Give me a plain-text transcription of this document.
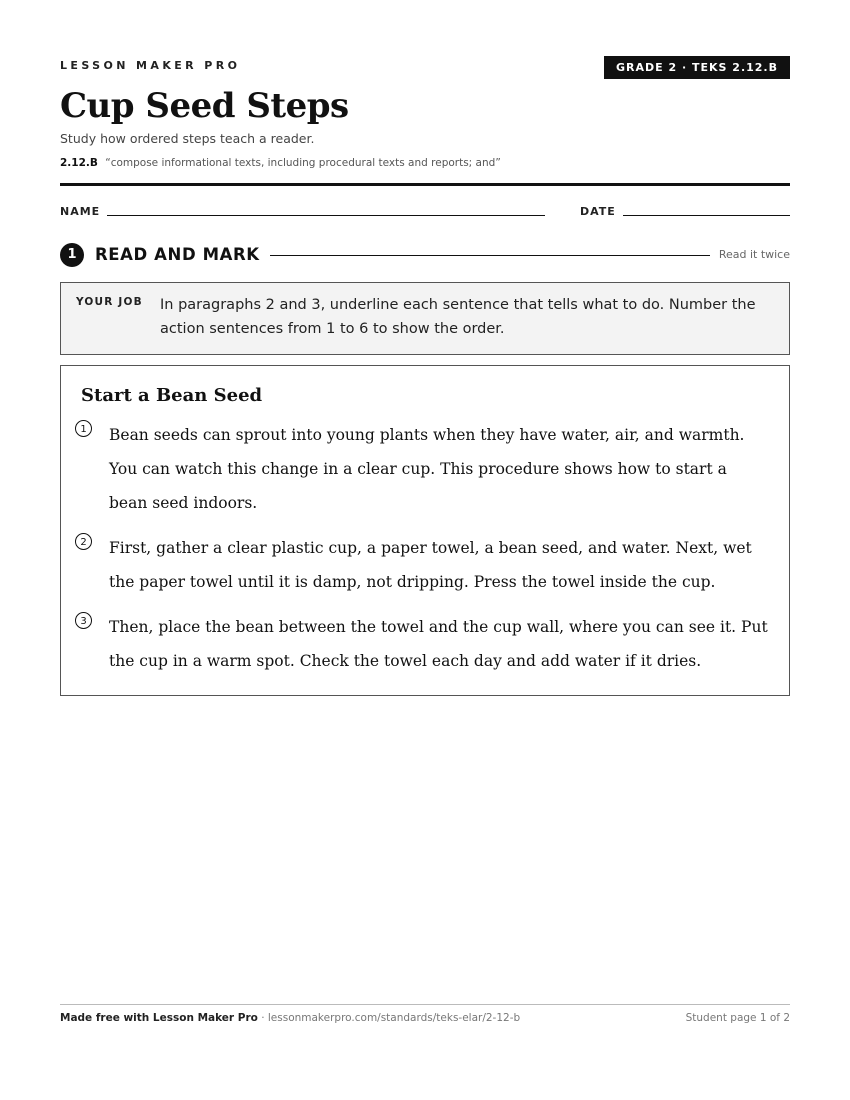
LESSON MAKER PRO	GRADE 2 · TEKS 2.12.B
Cup Seed Steps
Study how ordered steps teach a reader.
2.12.B “compose informational texts, including procedural texts and reports; and”
NAME	DATE
1	READ AND MARK	Read it twice
YOUR JOB In paragraphs 2 and 3, underline each sentence that tells what to do. Number the action sentences from 1 to 6 to show the order.
Start a Bean Seed
1	Bean seeds can sprout into young plants when they have water, air, and warmth. You can watch this change in a clear cup. This procedure shows how to start a bean seed indoors.

2	First, gather a clear plastic cup, a paper towel, a bean seed, and water. Next, wet the paper towel until it is damp, not dripping. Press the towel inside the cup.

3	Then, place the bean between the towel and the cup wall, where you can see it. Put the cup in a warm spot. Check the towel each day and add water if it dries.

Made free with Lesson Maker Pro · lessonmakerpro.com/standards/teks-elar/2-12-b	Student page 1 of 2
